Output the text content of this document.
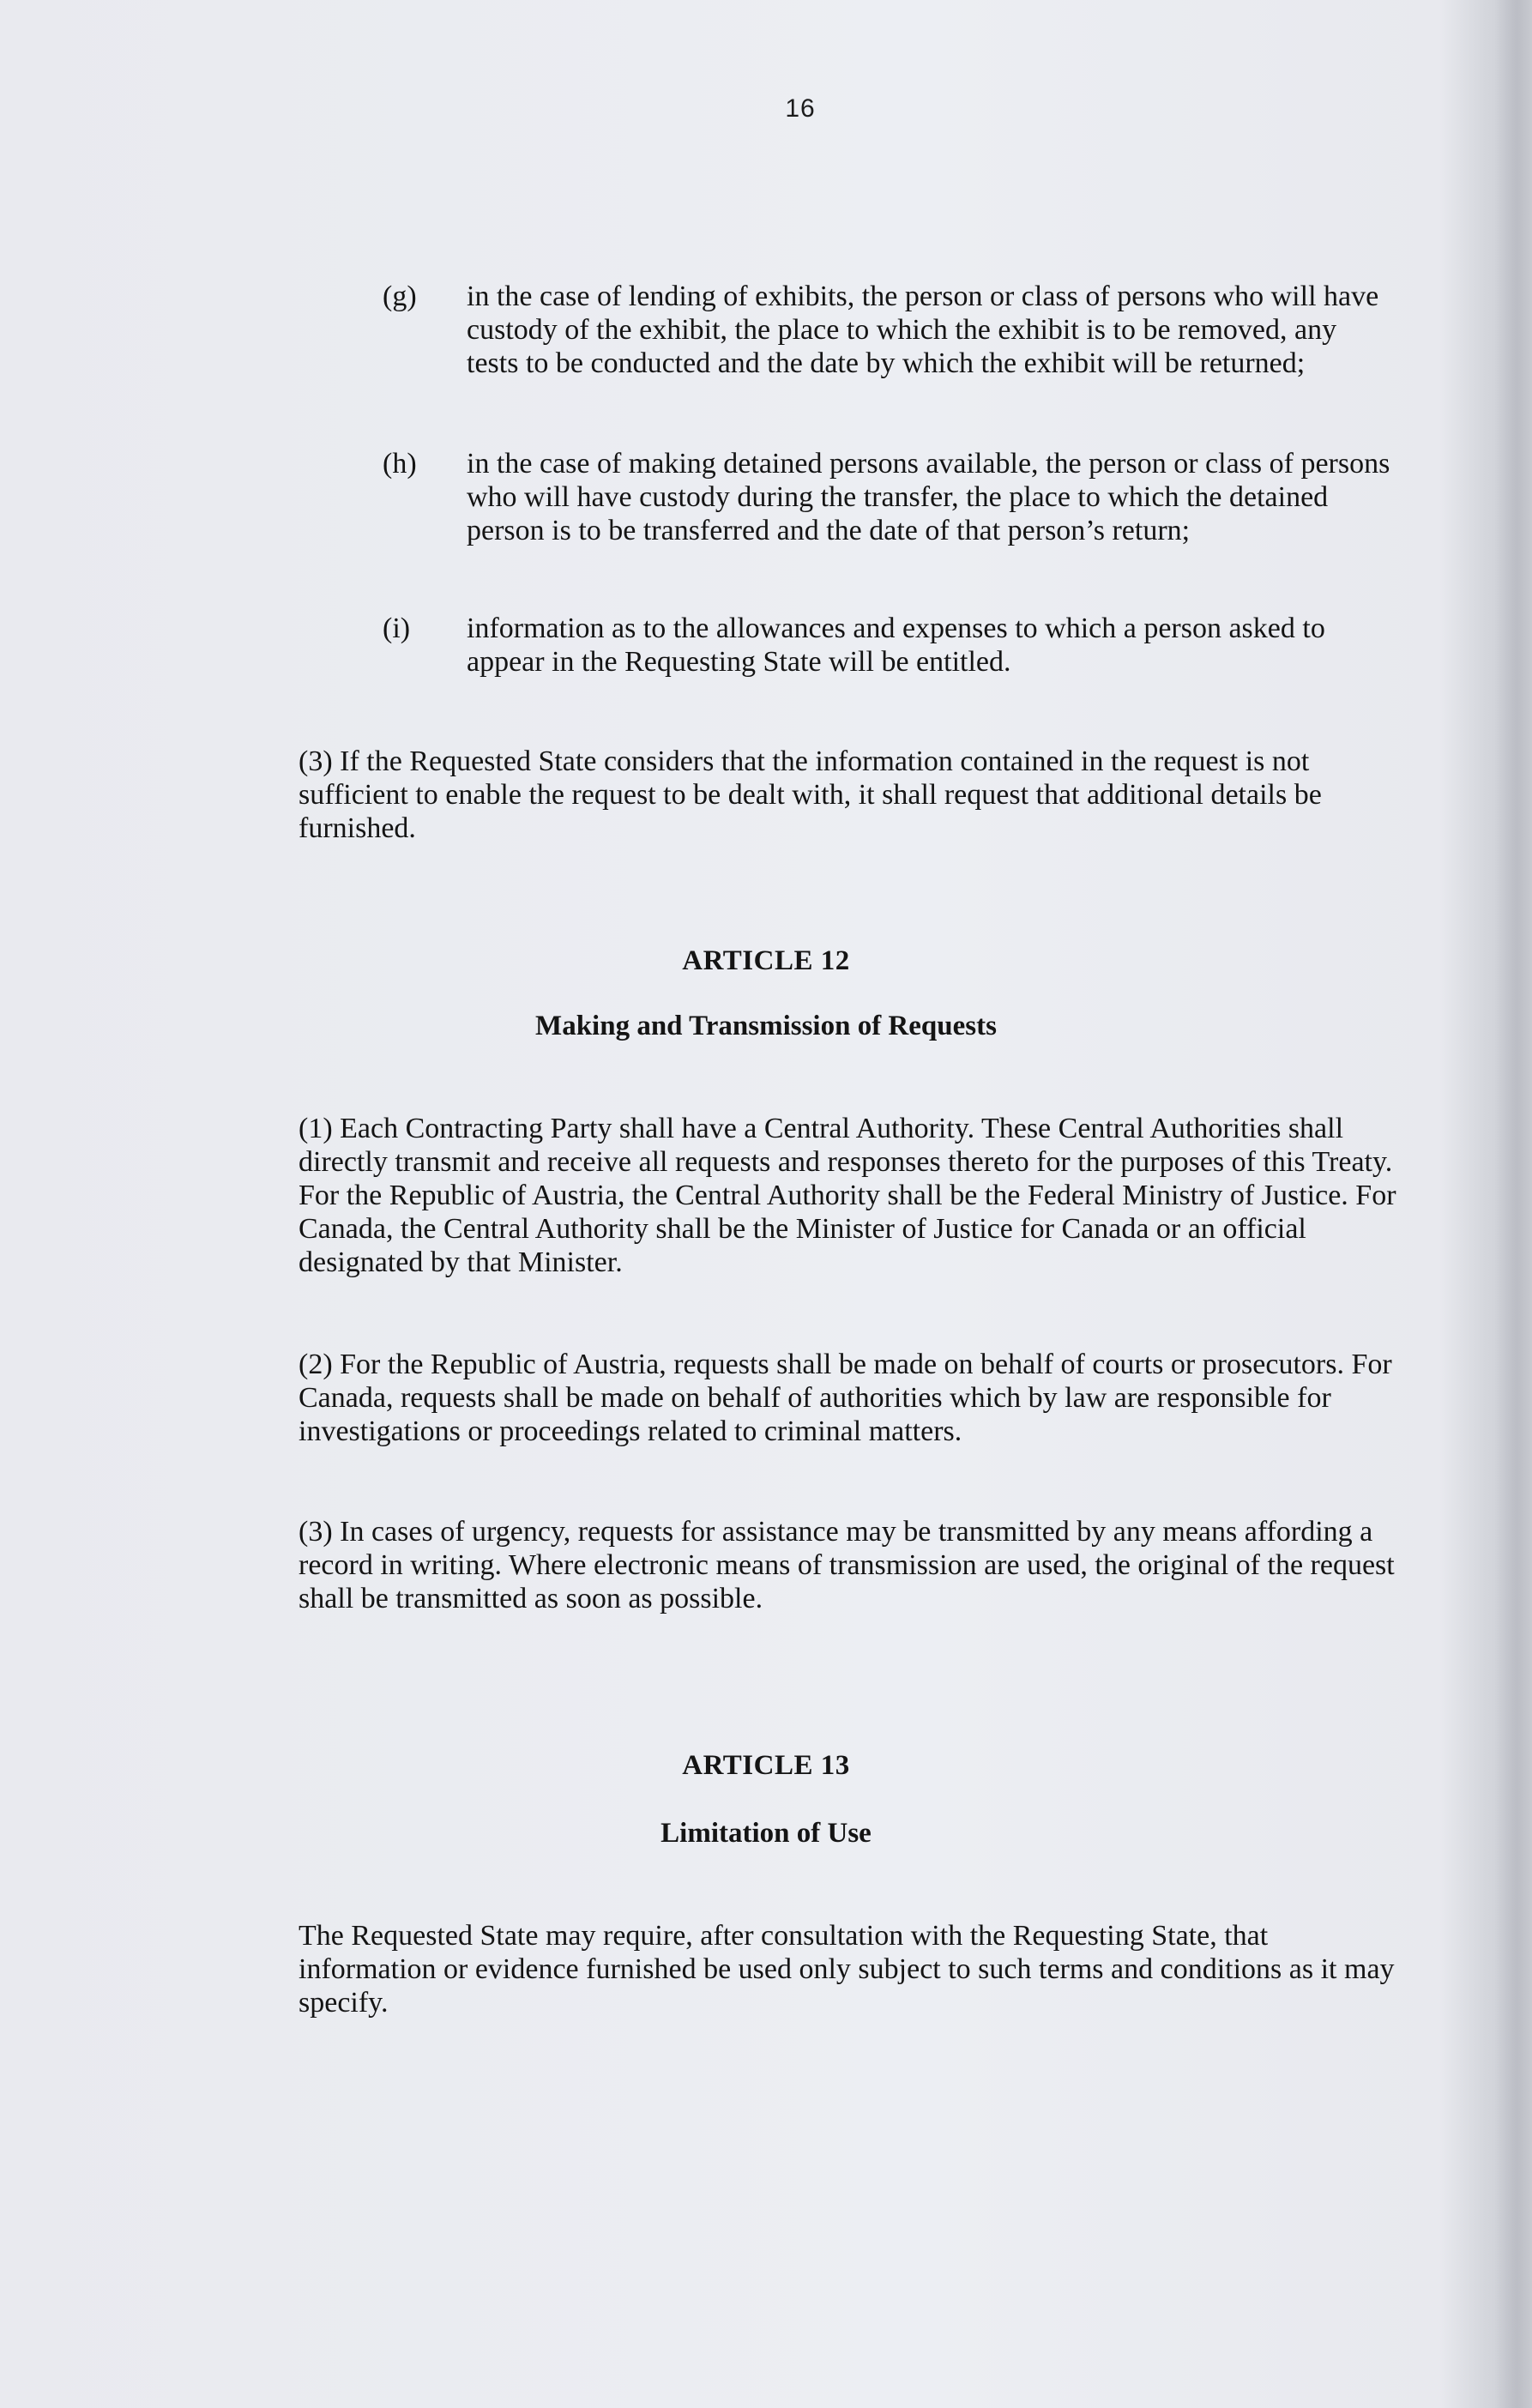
16
(g) in the case of lending of exhibits, the person or class of persons who will have custody of the exhibit, the place to which the exhibit is to be removed, any tests to be conducted and the date by which the exhibit will be returned;
(h) in the case of making detained persons available, the person or class of persons who will have custody during the transfer, the place to which the detained person is to be transferred and the date of that person’s return;
(i) information as to the allowances and expenses to which a person asked to appear in the Requesting State will be entitled.
(3) If the Requested State considers that the information contained in the request is not sufficient to enable the request to be dealt with, it shall request that additional details be furnished.
ARTICLE 12
Making and Transmission of Requests
(1) Each Contracting Party shall have a Central Authority. These Central Authorities shall directly transmit and receive all requests and responses thereto for the purposes of this Treaty. For the Republic of Austria, the Central Authority shall be the Federal Ministry of Justice. For Canada, the Central Authority shall be the Minister of Justice for Canada or an official designated by that Minister.
(2) For the Republic of Austria, requests shall be made on behalf of courts or prosecutors. For Canada, requests shall be made on behalf of authorities which by law are responsible for investigations or proceedings related to criminal matters.
(3) In cases of urgency, requests for assistance may be transmitted by any means affording a record in writing. Where electronic means of transmission are used, the original of the request shall be transmitted as soon as possible.
ARTICLE 13
Limitation of Use
The Requested State may require, after consultation with the Requesting State, that information or evidence furnished be used only subject to such terms and conditions as it may specify.
